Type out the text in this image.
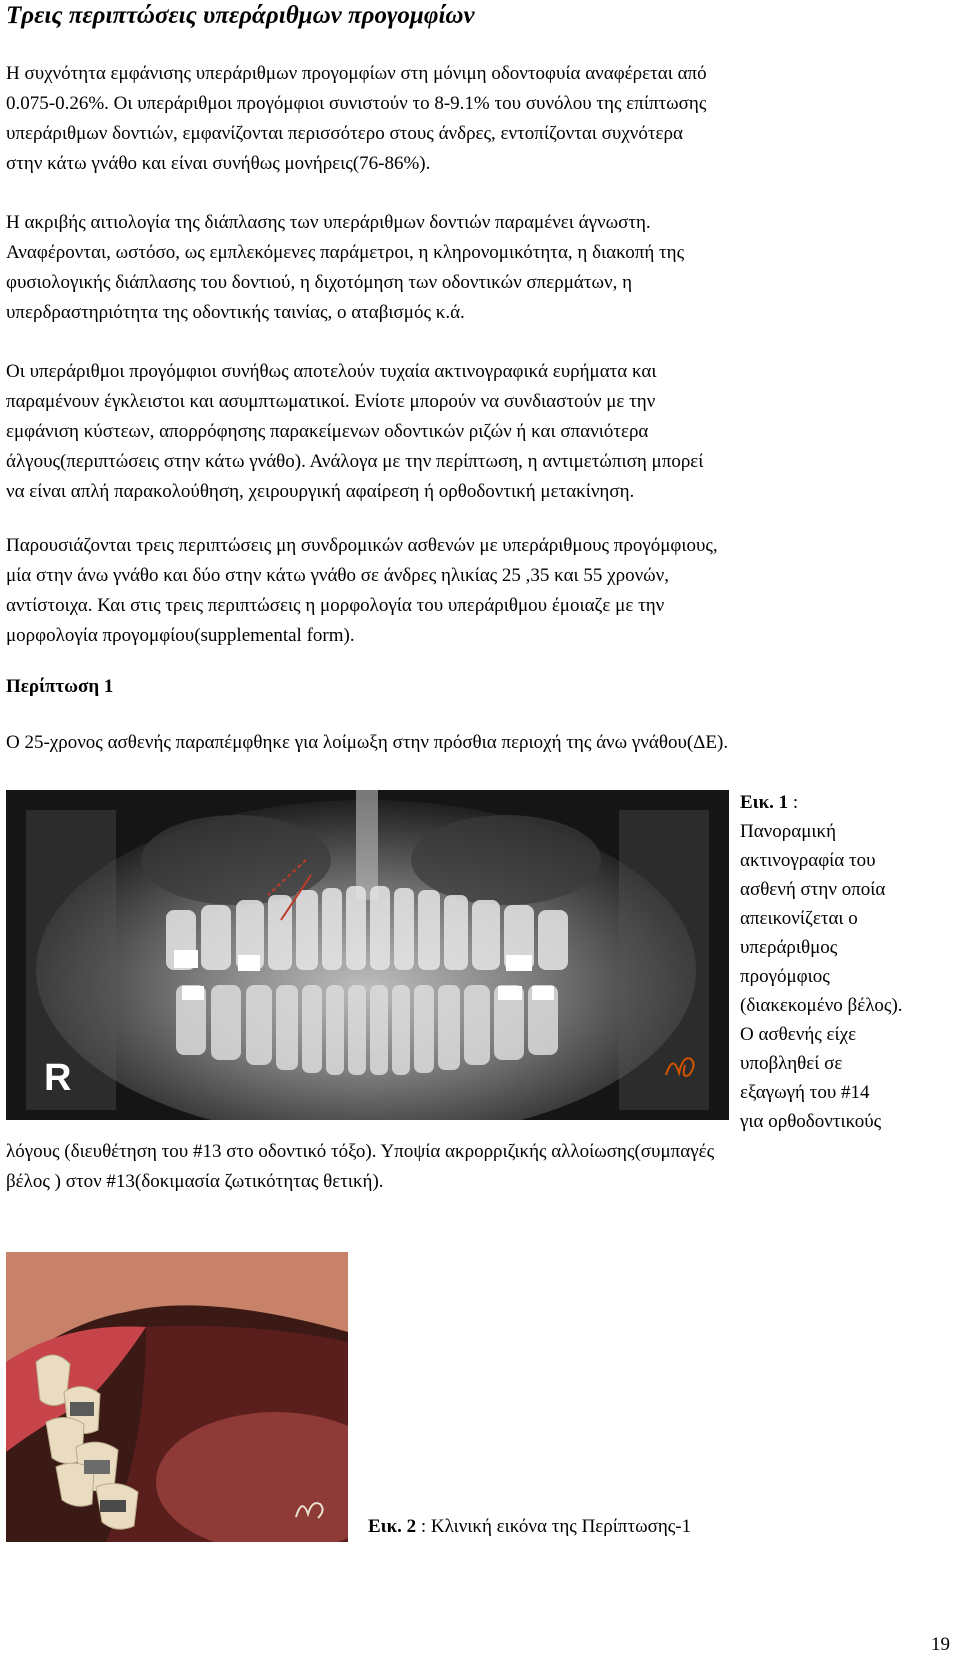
Τρεις περιπτώσεις υπεράριθμων προγομφίων
Η συχνότητα εμφάνισης υπεράριθμων προγομφίων στη μόνιμη οδοντοφυία αναφέρεται από
0.075-0.26%. Οι υπεράριθμοι προγόμφιοι συνιστούν το 8-9.1% του συνόλου της επίπτωσης
υπεράριθμων δοντιών, εμφανίζονται περισσότερο στους άνδρες, εντοπίζονται συχνότερα
στην κάτω γνάθο και είναι συνήθως μονήρεις(76-86%).
Η ακριβής αιτιολογία της διάπλασης των υπεράριθμων δοντιών παραμένει άγνωστη.
Αναφέρονται, ωστόσο, ως εμπλεκόμενες παράμετροι, η κληρονομικότητα, η διακοπή της
φυσιολογικής διάπλασης του δοντιού, η διχοτόμηση των οδοντικών σπερμάτων, η
υπερδραστηριότητα της οδοντικής ταινίας, ο αταβισμός κ.ά.
Οι υπεράριθμοι προγόμφιοι συνήθως αποτελούν τυχαία ακτινογραφικά ευρήματα και
παραμένουν έγκλειστοι και ασυμπτωματικοί. Ενίοτε μπορούν να συνδιαστούν με την
εμφάνιση κύστεων, απορρόφησης παρακείμενων οδοντικών ριζών ή και σπανιότερα
άλγους(περιπτώσεις στην κάτω γνάθο). Ανάλογα με την περίπτωση, η αντιμετώπιση μπορεί
να είναι απλή παρακολούθηση, χειρουργική αφαίρεση ή ορθοδοντική μετακίνηση.
Παρουσιάζονται τρεις περιπτώσεις μη συνδρομικών ασθενών με υπεράριθμους προγόμφιους,
μία στην άνω γνάθο και δύο στην κάτω γνάθο σε άνδρες ηλικίας 25 ,35 και 55 χρονών,
αντίστοιχα. Και στις τρεις περιπτώσεις η μορφολογία του υπεράριθμου έμοιαζε με την
μορφολογία προγομφίου(supplemental form).
Περίπτωση 1
Ο 25-χρονος ασθενής παραπέμφθηκε για λοίμωξη στην πρόσθια περιοχή της άνω γνάθου(ΔΕ).
R
Εικ. 1 :
Πανοραμική
ακτινογραφία του
ασθενή στην οποία
απεικονίζεται ο
υπεράριθμος
προγόμφιος
(διακεκομένο βέλος).
Ο ασθενής είχε
υποβληθεί σε
εξαγωγή του #14
για ορθοδοντικούς
λόγους (διευθέτηση του #13 στο οδοντικό τόξο). Υποψία ακρορριζικής αλλοίωσης(συμπαγές
βέλος ) στον #13(δοκιμασία ζωτικότητας θετική).
Εικ. 2 : Κλινική εικόνα της Περίπτωσης-1
19
